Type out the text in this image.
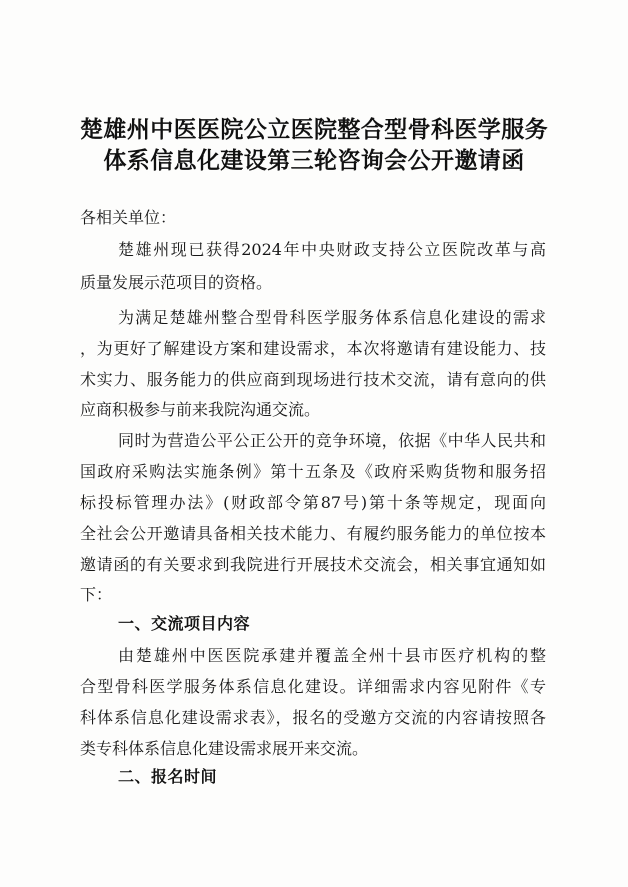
楚雄州中医医院公立医院整合型骨科医学服务
体系信息化建设第三轮咨询会公开邀请函
各相关单位：
楚雄州现已获得2024年中央财政支持公立医院改革与高
质量发展示范项目的资格。
为满足楚雄州整合型骨科医学服务体系信息化建设的需求
，为更好了解建设方案和建设需求，本次将邀请有建设能力、技
术实力、服务能力的供应商到现场进行技术交流，请有意向的供
应商积极参与前来我院沟通交流。
同时为营造公平公正公开的竞争环境，依据《中华人民共和
国政府采购法实施条例》第十五条及《政府采购货物和服务招
标投标管理办法》(财政部令第87号)第十条等规定，现面向
全社会公开邀请具备相关技术能力、有履约服务能力的单位按本
邀请函的有关要求到我院进行开展技术交流会，相关事宜通知如
下：
一、交流项目内容
由楚雄州中医医院承建并覆盖全州十县市医疗机构的整
合型骨科医学服务体系信息化建设。详细需求内容见附件《专
科体系信息化建设需求表》，报名的受邀方交流的内容请按照各
类专科体系信息化建设需求展开来交流。
二、报名时间
